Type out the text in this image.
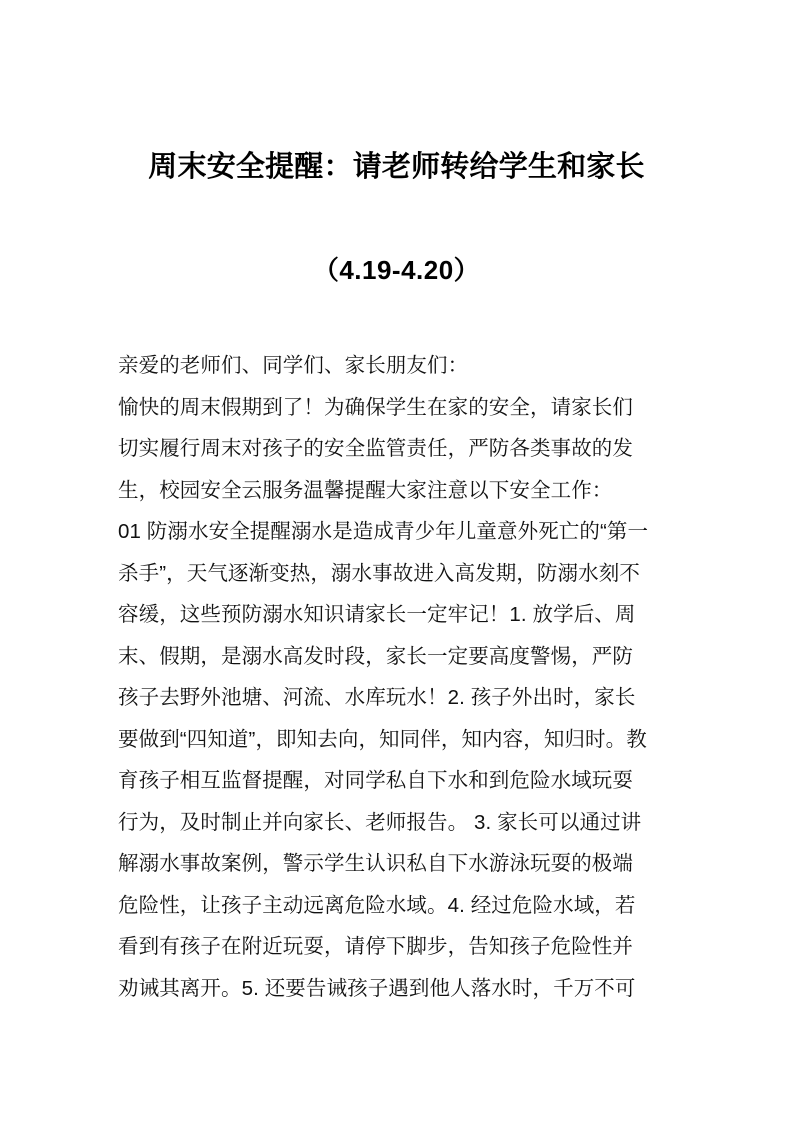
周末安全提醒：请老师转给学生和家长
（4.19-4.20）

亲爱的老师们、同学们、家长朋友们：

愉快的周末假期到了！为确保学生在家的安全，请家长们

切实履行周末对孩子的安全监管责任，严防各类事故的发

生，校园安全云服务温馨提醒大家注意以下安全工作：

01 防溺水安全提醒溺水是造成青少年儿童意外死亡的“第一

杀手”，天气逐渐变热，溺水事故进入高发期，防溺水刻不

容缓，这些预防溺水知识请家长一定牢记！1. 放学后、周

末、假期，是溺水高发时段，家长一定要高度警惕，严防

孩子去野外池塘、河流、水库玩水！2. 孩子外出时，家长

要做到“四知道”，即知去向，知同伴，知内容，知归时。教

育孩子相互监督提醒，对同学私自下水和到危险水域玩耍

行为，及时制止并向家长、老师报告。 3. 家长可以通过讲

解溺水事故案例，警示学生认识私自下水游泳玩耍的极端

危险性，让孩子主动远离危险水域。4. 经过危险水域，若

看到有孩子在附近玩耍，请停下脚步，告知孩子危险性并

劝诫其离开。5. 还要告诫孩子遇到他人落水时，千万不可
